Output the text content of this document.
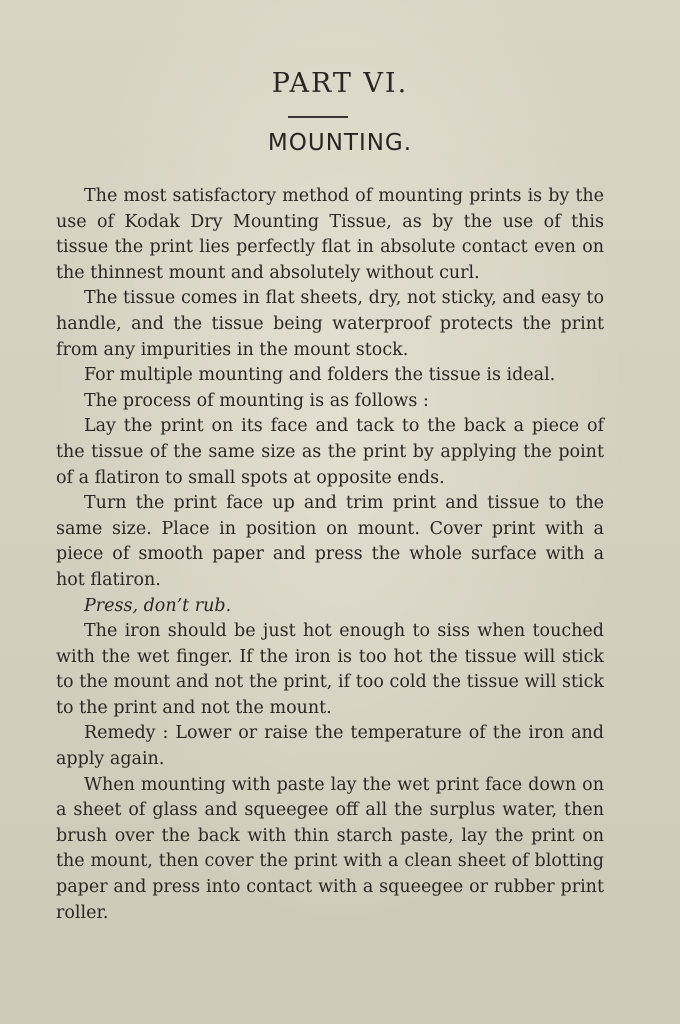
PART VI.
MOUNTING.

The most satisfactory method of mounting prints is by the use of Kodak Dry Mounting Tissue, as by the use of this tissue the print lies perfectly flat in absolute contact even on the thinnest mount and absolutely without curl.

The tissue comes in flat sheets, dry, not sticky, and easy to handle, and the tissue being waterproof protects the print from any impurities in the mount stock.

For multiple mounting and folders the tissue is ideal.

The process of mounting is as follows :

Lay the print on its face and tack to the back a piece of the tissue of the same size as the print by applying the point of a flatiron to small spots at opposite ends.

Turn the print face up and trim print and tissue to the same size. Place in position on mount. Cover print with a piece of smooth paper and press the whole surface with a hot flatiron.

Press, don’t rub.

The iron should be just hot enough to siss when touched with the wet finger. If the iron is too hot the tissue will stick to the mount and not the print, if too cold the tissue will stick to the print and not the mount.

Remedy : Lower or raise the temperature of the iron and apply again.

When mounting with paste lay the wet print face down on a sheet of glass and squeegee off all the surplus water, then brush over the back with thin starch paste, lay the print on the mount, then cover the print with a clean sheet of blotting paper and press into contact with a squeegee or rubber print roller.
